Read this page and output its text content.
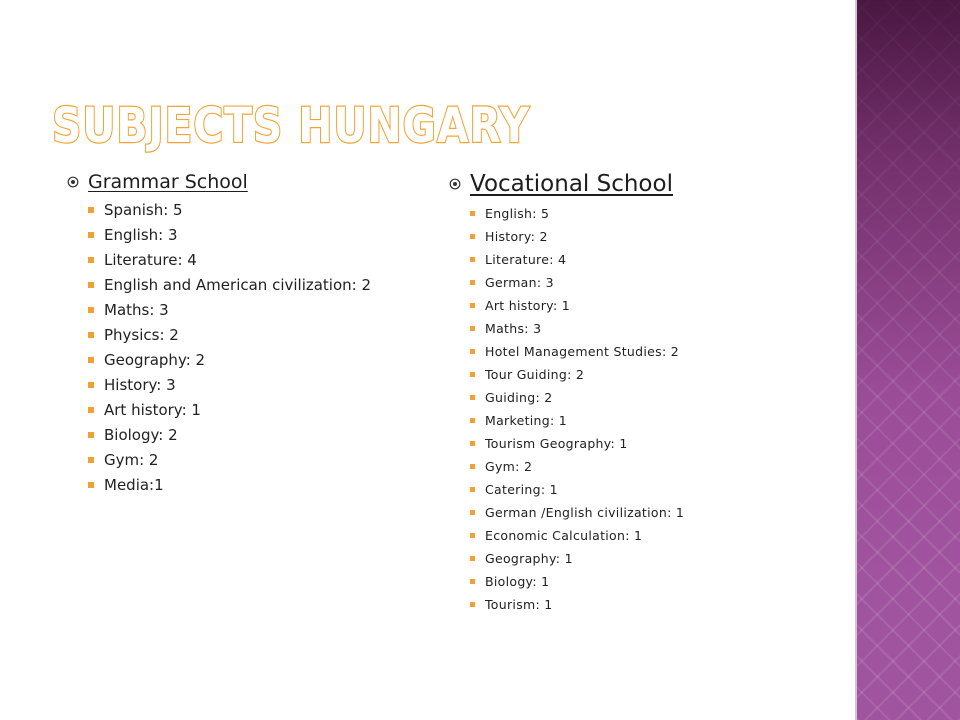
SUBJECTS HUNGARY
Grammar School
Spanish: 5
English: 3
Literature: 4
English and American civilization: 2
Maths: 3
Physics: 2
Geography: 2
History: 3
Art history: 1
Biology: 2
Gym: 2
Media:1
Vocational School
English: 5
History: 2
Literature: 4
German: 3
Art history: 1
Maths: 3
Hotel Management Studies: 2
Tour Guiding: 2
Guiding: 2
Marketing: 1
Tourism Geography: 1
Gym: 2
Catering: 1
German /English civilization: 1
Economic Calculation: 1
Geography: 1
Biology: 1
Tourism: 1
